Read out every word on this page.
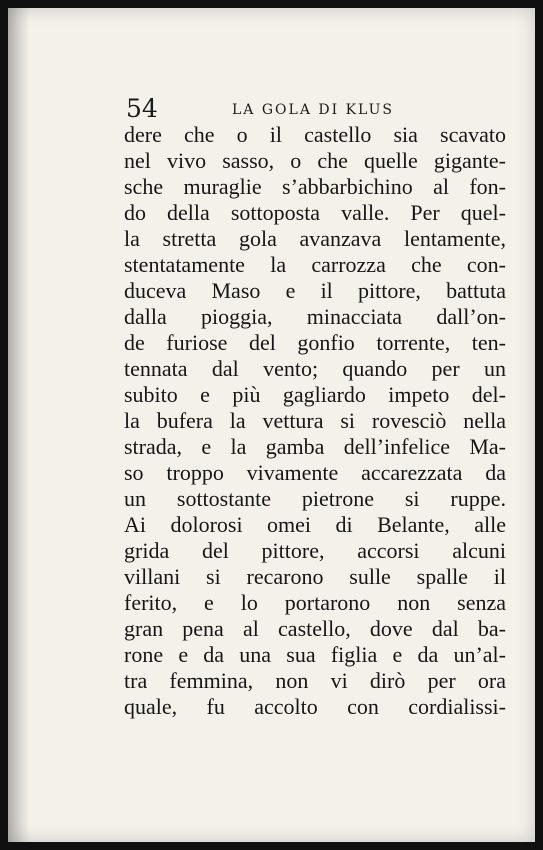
54	LA GOLA DI KLUS
dere che o il castello sia scavato
nel vivo sasso, o che quelle gigante-
sche muraglie s’abbarbichino al fon-
do della sottoposta valle. Per quel-
la stretta gola avanzava lentamente,
stentatamente la carrozza che con-
duceva Maso e il pittore, battuta
dalla pioggia, minacciata dall’on-
de furiose del gonfio torrente, ten-
tennata dal vento; quando per un
subito e più gagliardo impeto del-
la bufera la vettura si rovesciò nella
strada, e la gamba dell’infelice Ma-
so troppo vivamente accarezzata da
un sottostante pietrone si ruppe.
Ai dolorosi omei di Belante, alle
grida del pittore, accorsi alcuni
villani si recarono sulle spalle il
ferito, e lo portarono non senza
gran pena al castello, dove dal ba-
rone e da una sua figlia e da un’al-
tra femmina, non vi dirò per ora
quale, fu accolto con cordialissi-
